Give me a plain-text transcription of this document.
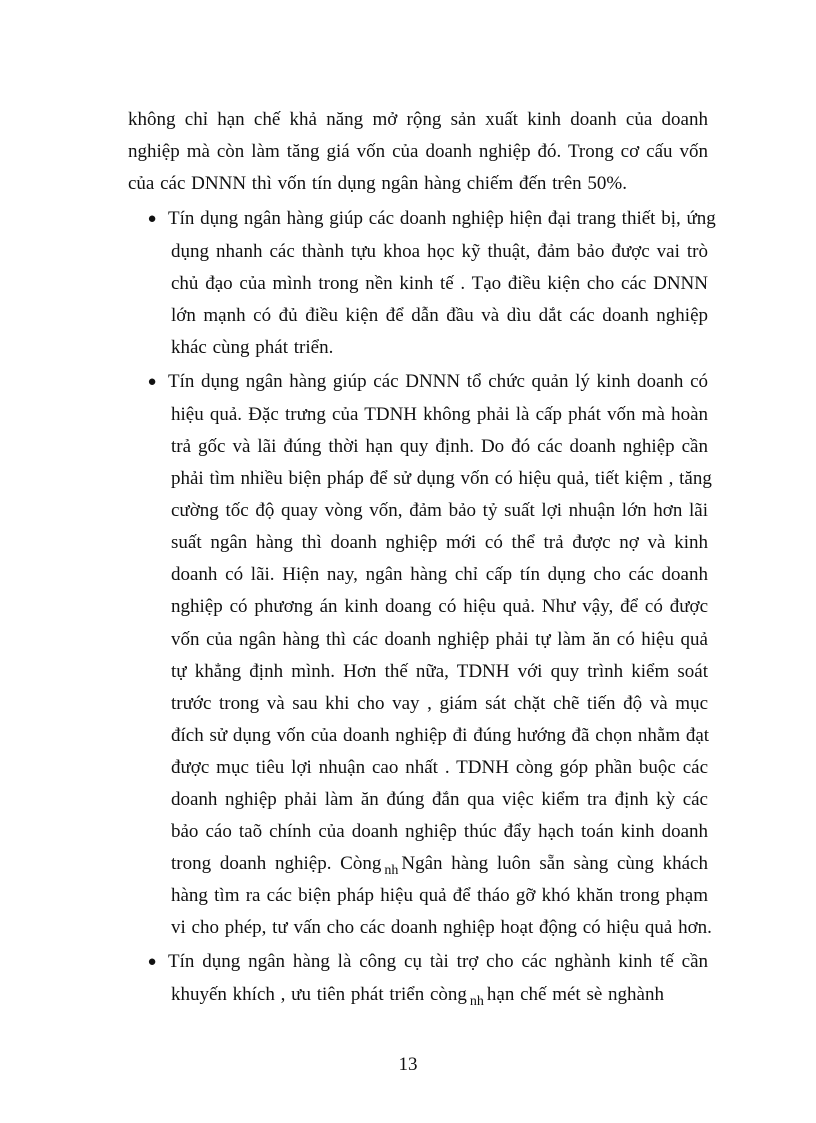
không chỉ hạn chế khả năng mở rộng sản xuất kinh doanh của doanh
nghiệp mà còn làm tăng giá vốn của doanh nghiệp đó. Trong cơ cấu vốn
của các DNNN thì vốn tín dụng ngân hàng chiếm đến trên 50%.
● Tín dụng ngân hàng giúp các doanh nghiệp hiện đại trang thiết bị, ứng
dụng nhanh các thành tựu khoa học kỹ thuật, đảm bảo được vai trò
chủ đạo của mình trong nền kinh tế . Tạo điều kiện cho các DNNN
lớn mạnh có đủ điều kiện để dẫn đầu và dìu dắt các doanh nghiệp
khác cùng phát triển.
● Tín dụng ngân hàng giúp các DNNN tổ chức quản lý kinh doanh có
hiệu quả. Đặc trưng của TDNH không phải là cấp phát vốn mà hoàn
trả gốc và lãi đúng thời hạn quy định. Do đó các doanh nghiệp cần
phải tìm nhiều biện pháp để sử dụng vốn có hiệu quả, tiết kiệm , tăng
cường tốc độ quay vòng vốn, đảm bảo tỷ suất lợi nhuận lớn hơn lãi
suất ngân hàng thì doanh nghiệp mới có thể trả được nợ và kinh
doanh có lãi. Hiện nay, ngân hàng chỉ cấp tín dụng cho các doanh
nghiệp có phương án kinh doang có hiệu quả. Như vậy, để có được
vốn của ngân hàng thì các doanh nghiệp phải tự làm ăn có hiệu quả
tự khẳng định mình. Hơn thế nữa, TDNH với quy trình kiểm soát
trước trong và sau khi cho vay , giám sát chặt chẽ tiến độ và mục
đích sử dụng vốn của doanh nghiệp đi đúng hướng đã chọn nhằm đạt
được mục tiêu lợi nhuận cao nhất . TDNH còng góp phần buộc các
doanh nghiệp phải làm ăn đúng đắn qua việc kiểm tra định kỳ các
bảo cáo taõ chính của doanh nghiệp thúc đẩy hạch toán kinh doanh
trong doanh nghiệp. Còng $_{nh}$ Ngân hàng luôn sẵn sàng cùng khách
hàng tìm ra các biện pháp hiệu quả để tháo gỡ khó khăn trong phạm
vi cho phép, tư vấn cho các doanh nghiệp hoạt động có hiệu quả hơn.
● Tín dụng ngân hàng là công cụ tài trợ cho các nghành kinh tế cần
khuyến khích , ưu tiên phát triển còng $_{nh}$ hạn chế mét sè nghành
13
